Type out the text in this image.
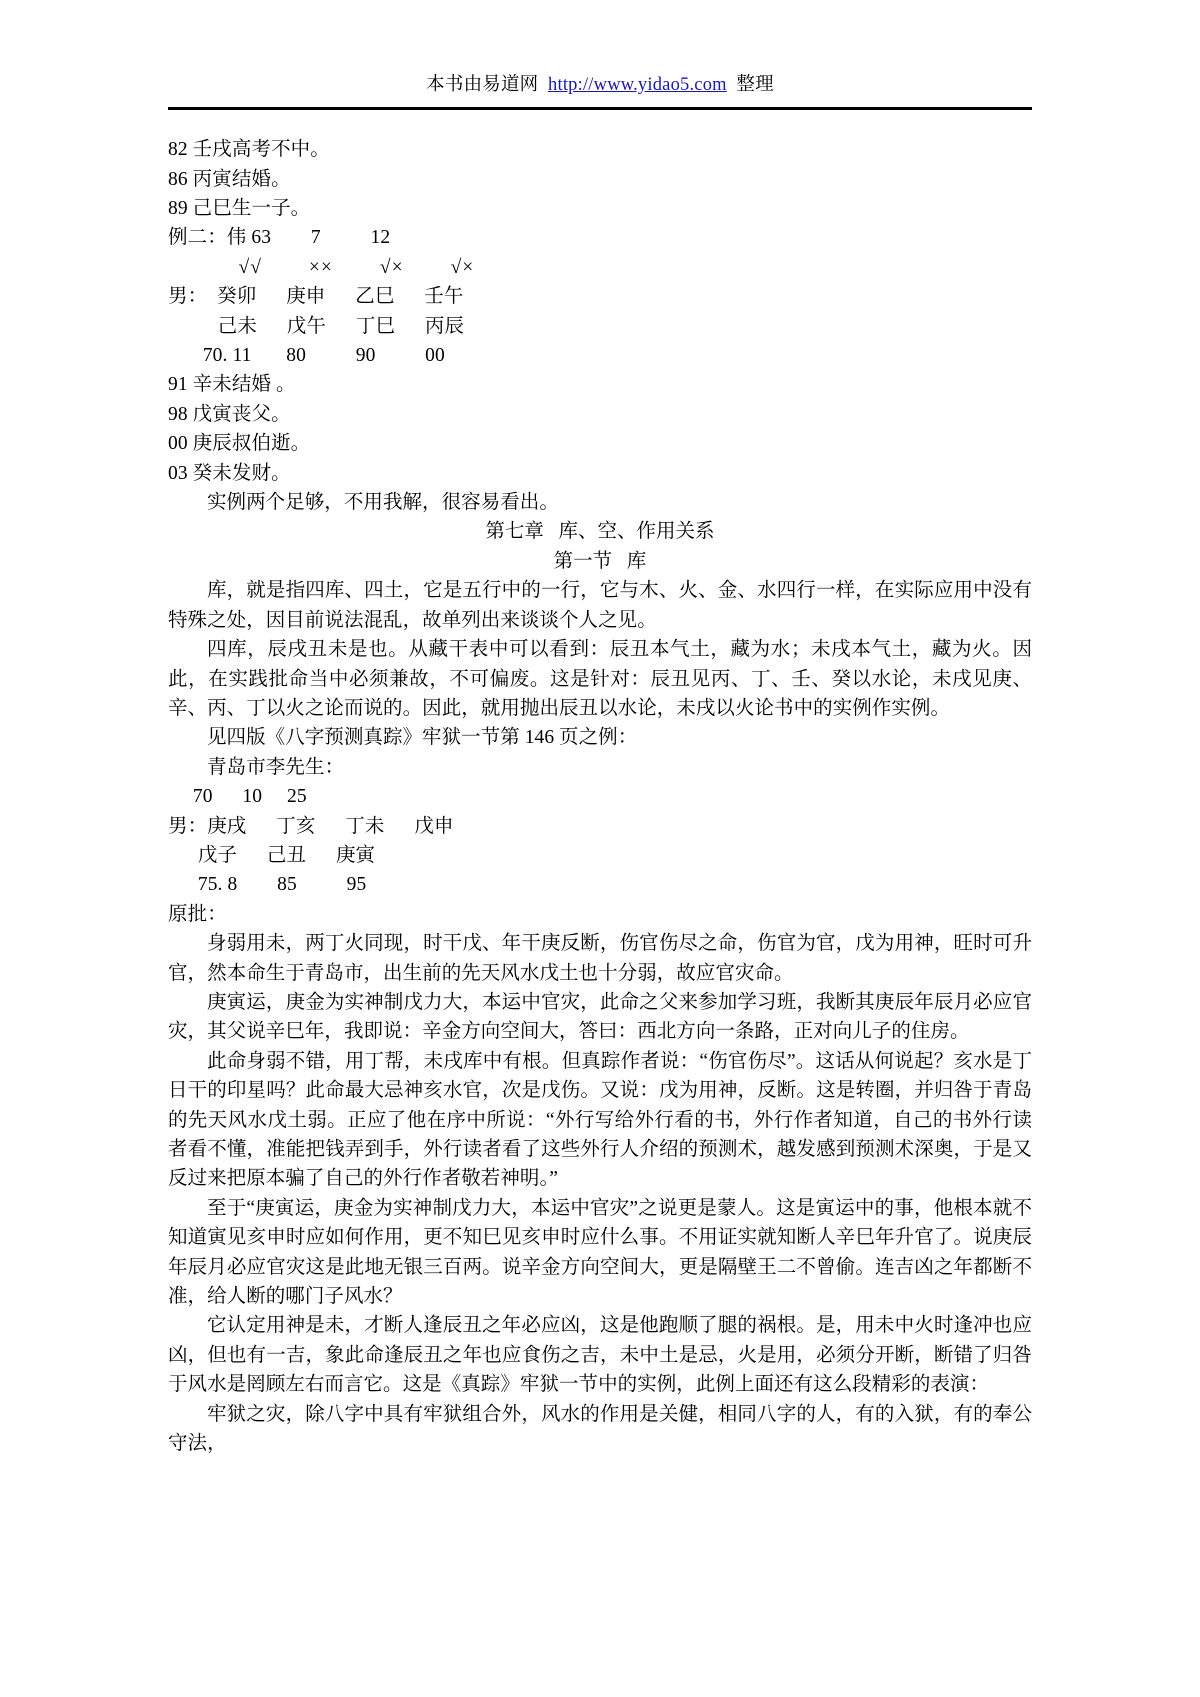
本书由易道网 http://www.yidao5.com 整理
82 壬戌高考不中。
86 丙寅结婚。
89 己巳生一子。
例二：伟 63        7          12
√√        ××        √×        √×
男：  癸卯      庚申      乙巳      壬午
己未      戊午      丁巳      丙辰
70. 11       80          90          00
91 辛未结婚 。
98 戊寅丧父。
00 庚辰叔伯逝。
03 癸未发财。

实例两个足够，不用我解，很容易看出。

第七章   库、空、作用关系
第一节   库

库，就是指四库、四土，它是五行中的一行，它与木、火、金、水四行一样，在实际应用中没有特殊之处，因目前说法混乱，故单列出来谈谈个人之见。

四库，辰戌丑未是也。从藏干表中可以看到：辰丑本气土，藏为水；未戌本气土，藏为火。因此，在实践批命当中必须兼故，不可偏废。这是针对：辰丑见丙、丁、壬、癸以水论，未戌见庚、辛、丙、丁以火之论而说的。因此，就用抛出辰丑以水论，未戌以火论书中的实例作实例。

见四版《八字预测真踪》牢狱一节第 146 页之例：

青岛市李先生：
70      10     25
男：庚戌      丁亥      丁未      戊申
戊子      己丑      庚寅
75. 8        85          95
原批：

身弱用未，两丁火同现，时干戊、年干庚反断，伤官伤尽之命，伤官为官，戊为用神，旺时可升官，然本命生于青岛市，出生前的先天风水戊土也十分弱，故应官灾命。

庚寅运，庚金为实神制戊力大，本运中官灾，此命之父来参加学习班，我断其庚辰年辰月必应官灾，其父说辛巳年，我即说：辛金方向空间大，答曰：西北方向一条路，正对向儿子的住房。

此命身弱不错，用丁帮，未戌库中有根。但真踪作者说：“伤官伤尽”。这话从何说起？亥水是丁日干的印星吗？此命最大忌神亥水官，次是戊伤。又说：戊为用神，反断。这是转圈，并归咎于青岛的先天风水戊土弱。正应了他在序中所说：“外行写给外行看的书，外行作者知道，自己的书外行读者看不懂，准能把钱弄到手，外行读者看了这些外行人介绍的预测术，越发感到预测术深奥，于是又反过来把原本骗了自己的外行作者敬若神明。”

至于“庚寅运，庚金为实神制戊力大，本运中官灾”之说更是蒙人。这是寅运中的事，他根本就不知道寅见亥申时应如何作用，更不知巳见亥申时应什么事。不用证实就知断人辛巳年升官了。说庚辰年辰月必应官灾这是此地无银三百两。说辛金方向空间大，更是隔壁王二不曾偷。连吉凶之年都断不准，给人断的哪门子风水？

它认定用神是未，才断人逢辰丑之年必应凶，这是他跑顺了腿的祸根。是，用未中火时逢冲也应凶，但也有一吉，象此命逢辰丑之年也应食伤之吉，未中土是忌，火是用，必须分开断，断错了归咎于风水是罔顾左右而言它。这是《真踪》牢狱一节中的实例，此例上面还有这么段精彩的表演：

牢狱之灾，除八字中具有牢狱组合外，风水的作用是关健，相同八字的人，有的入狱，有的奉公守法，
